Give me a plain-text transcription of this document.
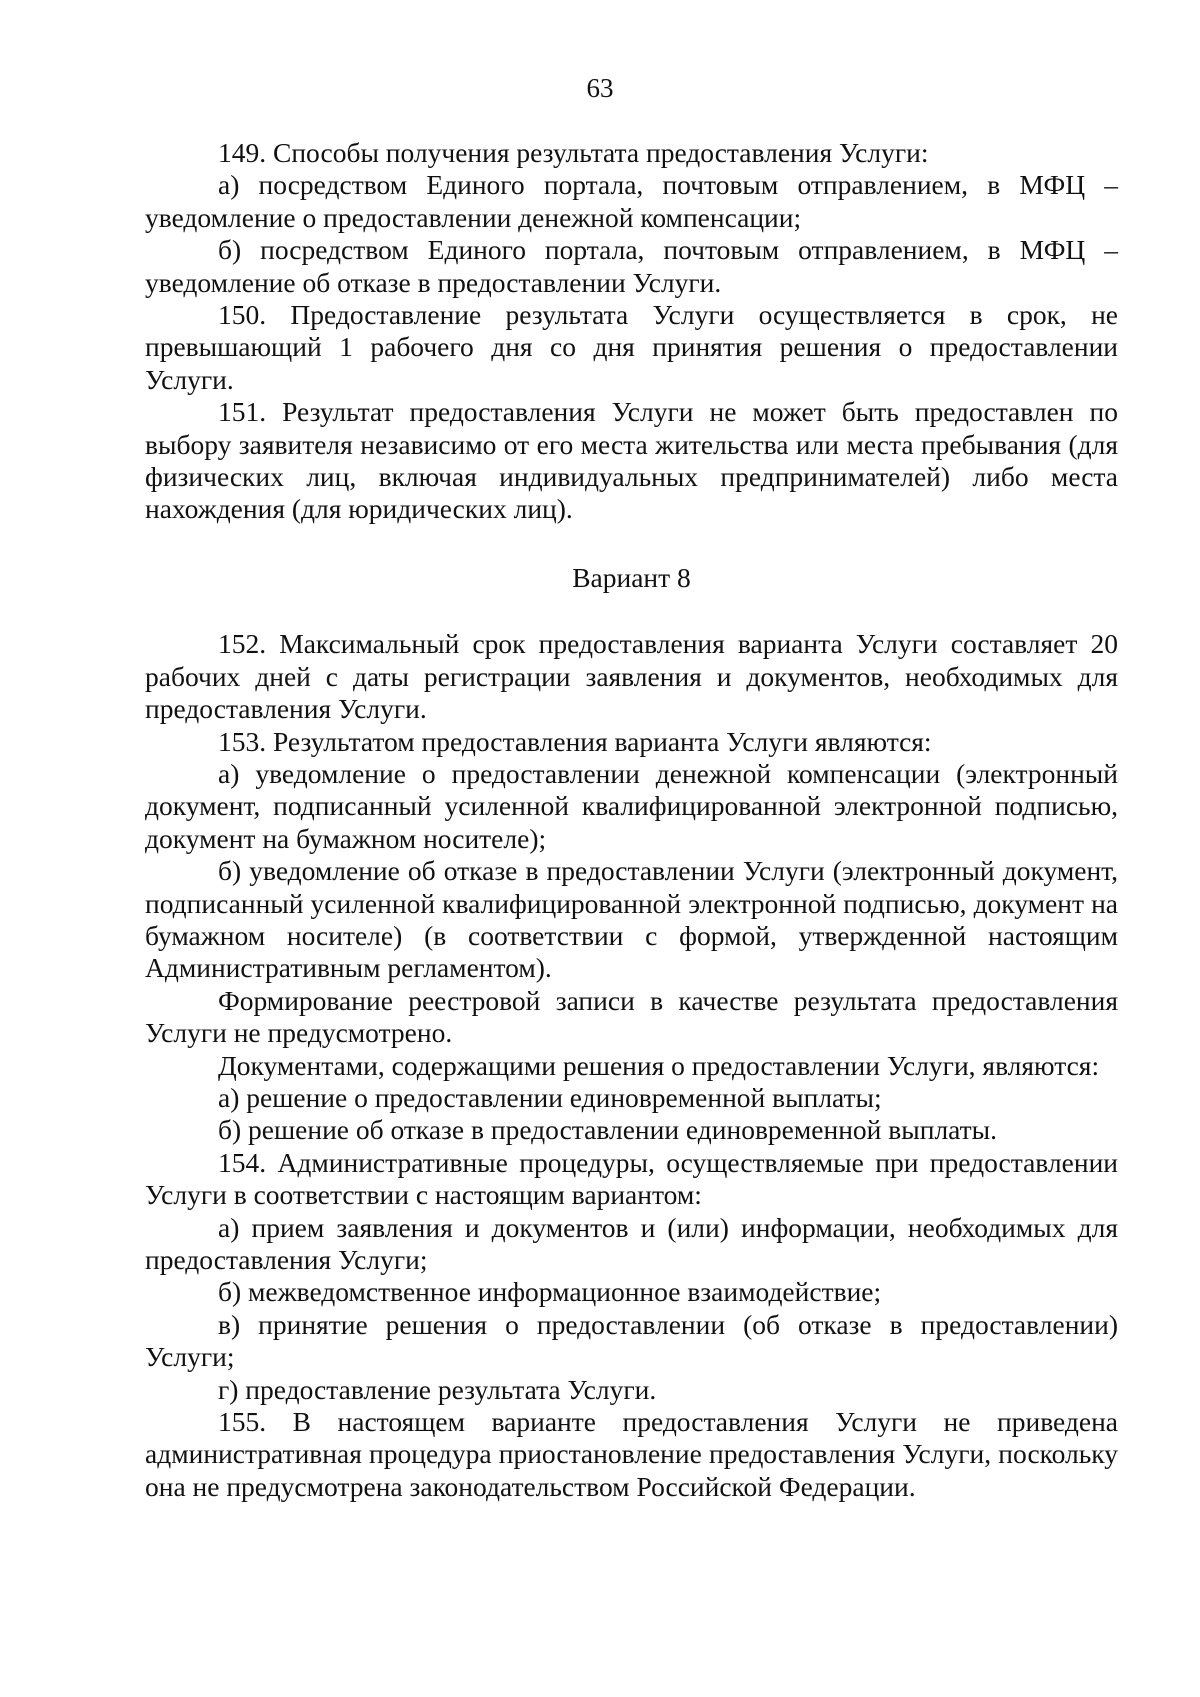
63

149. Способы получения результата предоставления Услуги:

а) посредством Единого портала, почтовым отправлением, в МФЦ – уведомление о предоставлении денежной компенсации;

б) посредством Единого портала, почтовым отправлением, в МФЦ – уведомление об отказе в предоставлении Услуги.

150. Предоставление результата Услуги осуществляется в срок, не превышающий 1 рабочего дня со дня принятия решения о предоставлении Услуги.

151. Результат предоставления Услуги не может быть предоставлен по выбору заявителя независимо от его места жительства или места пребывания (для физических лиц, включая индивидуальных предпринимателей) либо места нахождения (для юридических лиц).

Вариант 8

152. Максимальный срок предоставления варианта Услуги составляет 20 рабочих дней с даты регистрации заявления и документов, необходимых для предоставления Услуги.

153. Результатом предоставления варианта Услуги являются:

а) уведомление о предоставлении денежной компенсации (электронный документ, подписанный усиленной квалифицированной электронной подписью, документ на бумажном носителе);

б) уведомление об отказе в предоставлении Услуги (электронный документ, подписанный усиленной квалифицированной электронной подписью, документ на бумажном носителе) (в соответствии с формой, утвержденной настоящим Административным регламентом).

Формирование реестровой записи в качестве результата предоставления Услуги не предусмотрено.

Документами, содержащими решения о предоставлении Услуги, являются:

а) решение о предоставлении единовременной выплаты;

б) решение об отказе в предоставлении единовременной выплаты.

154. Административные процедуры, осуществляемые при предоставлении Услуги в соответствии с настоящим вариантом:

а) прием заявления и документов и (или) информации, необходимых для предоставления Услуги;

б) межведомственное информационное взаимодействие;

в) принятие решения о предоставлении (об отказе в предоставлении) Услуги;

г) предоставление результата Услуги.

155. В настоящем варианте предоставления Услуги не приведена административная процедура приостановление предоставления Услуги, поскольку она не предусмотрена законодательством Российской Федерации.
